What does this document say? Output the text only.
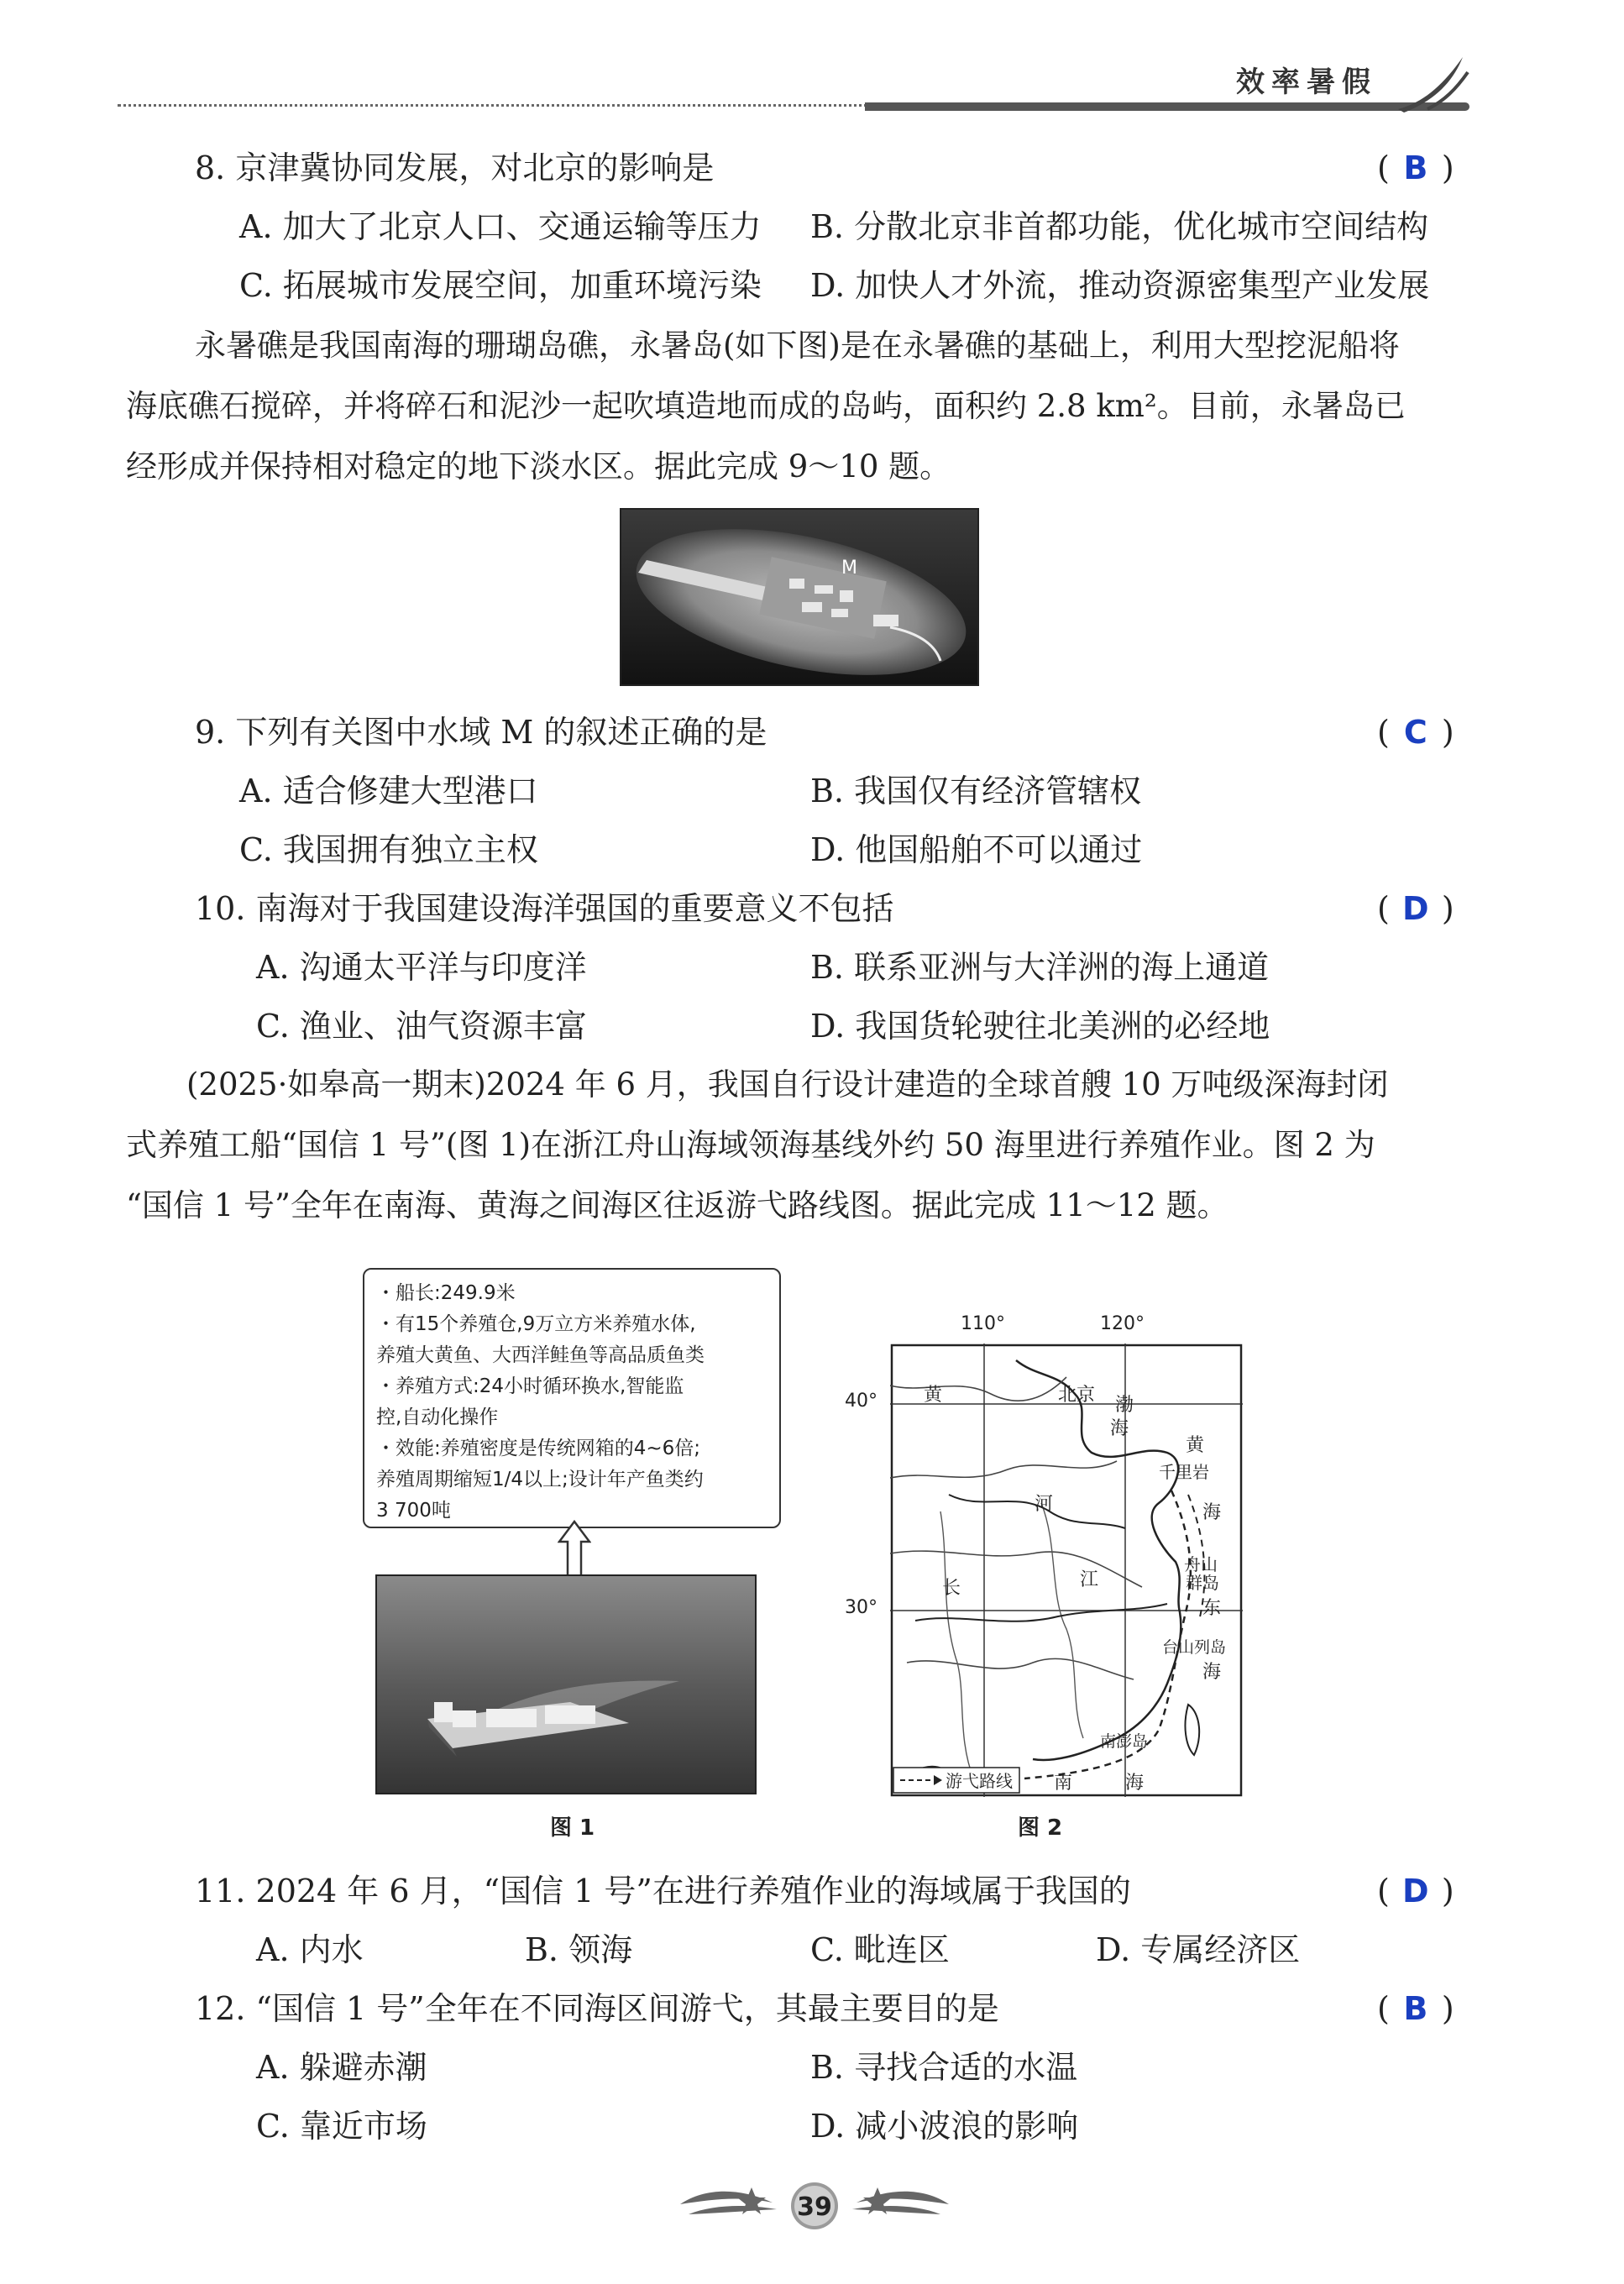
效率暑假
8. 京津冀协同发展，对北京的影响是	( B )
A. 加大了北京人口、交通运输等压力 B. 分散北京非首都功能，优化城市空间结构
C. 拓展城市发展空间，加重环境污染 D. 加快人才外流，推动资源密集型产业发展
永暑礁是我国南海的珊瑚岛礁，永暑岛(如下图)是在永暑礁的基础上，利用大型挖泥船将
海底礁石搅碎，并将碎石和泥沙一起吹填造地而成的岛屿，面积约 2.8 km²。目前，永暑岛已
经形成并保持相对稳定的地下淡水区。据此完成 9～10 题。
M
9. 下列有关图中水域 M 的叙述正确的是	( C )
A. 适合修建大型港口	B. 我国仅有经济管辖权
C. 我国拥有独立主权	D. 他国船舶不可以通过
10. 南海对于我国建设海洋强国的重要意义不包括	( D )
A. 沟通太平洋与印度洋	B. 联系亚洲与大洋洲的海上通道
C. 渔业、油气资源丰富	D. 我国货轮驶往北美洲的必经地
(2025·如皋高一期末)2024 年 6 月，我国自行设计建造的全球首艘 10 万吨级深海封闭
式养殖工船“国信 1 号”(图 1)在浙江舟山海域领海基线外约 50 海里进行养殖作业。图 2 为
“国信 1 号”全年在南海、黄海之间海区往返游弋路线图。据此完成 11～12 题。
・船长:249.9米
・有15个养殖仓,9万立方米养殖水体,
养殖大黄鱼、大西洋鲑鱼等高品质鱼类
・养殖方式:24小时循环换水,智能监
控,自动化操作
・效能:养殖密度是传统网箱的4~6倍;
养殖周期缩短1/4以上;设计年产鱼类约
3 700吨
图 1
游弋路线
黄	北京 渤
海
黄
千里岩
海
河
长	江
舟山
群岛
东
台山列岛
海
南澎岛
南	海
110°	120°
40°
30°
图 2
11. 2024 年 6 月，“国信 1 号”在进行养殖作业的海域属于我国的	( D )
A. 内水	B. 领海	C. 毗连区	D. 专属经济区
12. “国信 1 号”全年在不同海区间游弋，其最主要目的是	( B )
A. 躲避赤潮	B. 寻找合适的水温
C. 靠近市场	D. 减小波浪的影响
39
